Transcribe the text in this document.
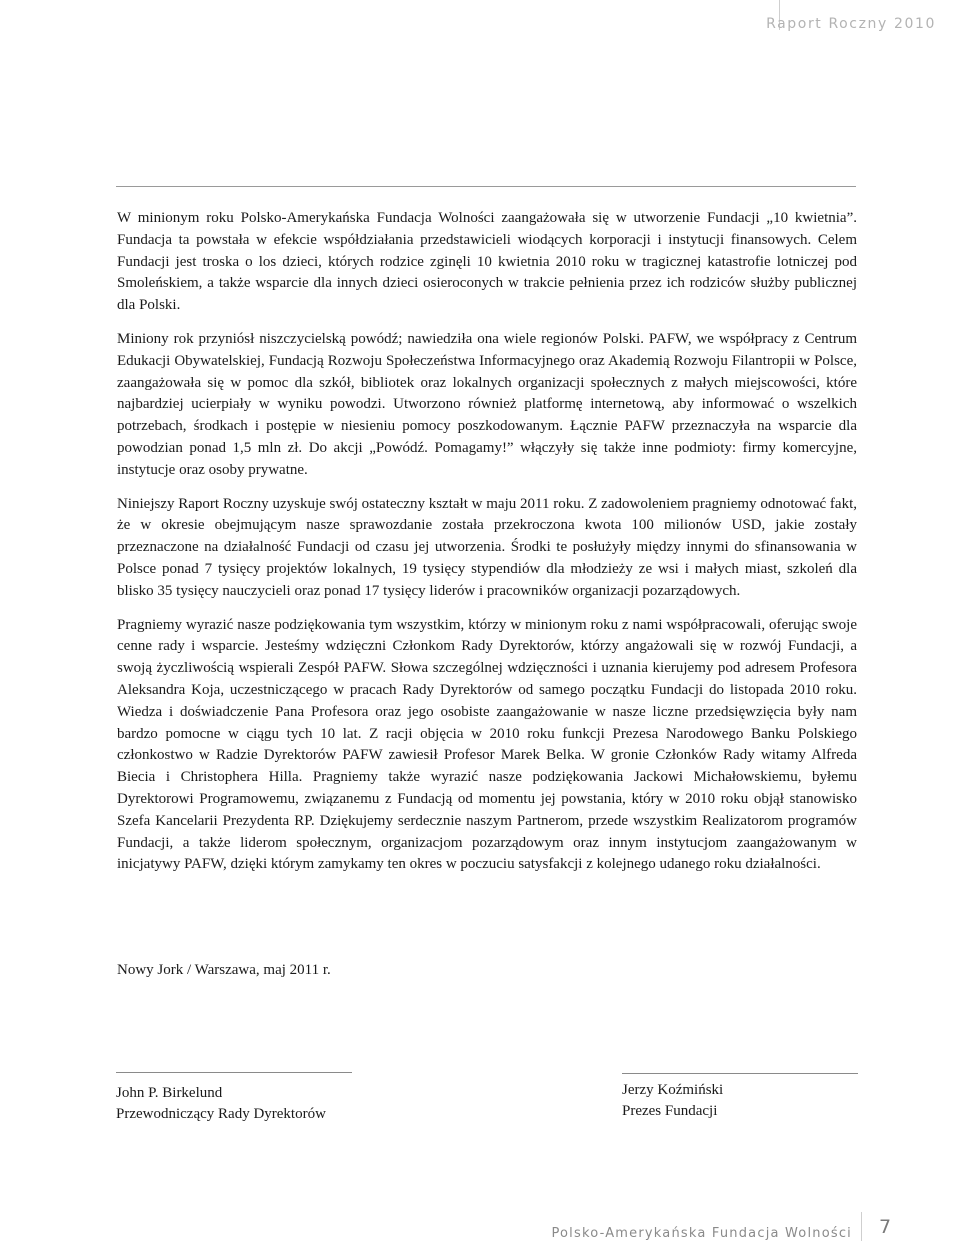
Raport Roczny 2010

W minionym roku Polsko-Amerykańska Fundacja Wolności zaangażowała się w utworzenie Fundacji „10 kwietnia”. Fundacja ta powstała w efekcie współdziałania przedstawicieli wiodących korporacji i instytucji finansowych. Celem Fundacji jest troska o los dzieci, których rodzice zginęli 10 kwietnia 2010 roku w tragicznej katastrofie lotniczej pod Smoleńskiem, a także wsparcie dla innych dzieci osieroconych w trakcie pełnienia przez ich rodziców służby publicznej dla Polski.

Miniony rok przyniósł niszczycielską powódź; nawiedziła ona wiele regionów Polski. PAFW, we współpracy z Centrum Edukacji Obywatelskiej, Fundacją Rozwoju Społeczeństwa Informacyjnego oraz Akademią Rozwoju Filantropii w Polsce, zaangażowała się w pomoc dla szkół, bibliotek oraz lokalnych organizacji społecznych z małych miejscowości, które najbardziej ucierpiały w wyniku powodzi. Utworzono również platformę internetową, aby informować o wszelkich potrzebach, środkach i postępie w niesieniu pomocy poszkodowanym. Łącznie PAFW przeznaczyła na wsparcie dla powodzian ponad 1,5 mln zł. Do akcji „Powódź. Pomagamy!” włączyły się także inne podmioty: firmy komercyjne, instytucje oraz osoby prywatne.

Niniejszy Raport Roczny uzyskuje swój ostateczny kształt w maju 2011 roku. Z zadowoleniem pragniemy odnotować fakt, że w okresie obejmującym nasze sprawozdanie została przekroczona kwota 100 milionów USD, jakie zostały przeznaczone na działalność Fundacji od czasu jej utworzenia. Środki te posłużyły między innymi do sfinansowania w Polsce ponad 7 tysięcy projektów lokalnych, 19 tysięcy stypendiów dla młodzieży ze wsi i małych miast, szkoleń dla blisko 35 tysięcy nauczycieli oraz ponad 17 tysięcy liderów i pracowników organizacji pozarządowych.

Pragniemy wyrazić nasze podziękowania tym wszystkim, którzy w minionym roku z nami współpracowali, oferując swoje cenne rady i wsparcie. Jesteśmy wdzięczni Członkom Rady Dyrektorów, którzy angażowali się w rozwój Fundacji, a swoją życzliwością wspierali Zespół PAFW. Słowa szczególnej wdzięczności i uznania kierujemy pod adresem Profesora Aleksandra Koja, uczestniczącego w pracach Rady Dyrektorów od samego początku Fundacji do listopada 2010 roku. Wiedza i doświadczenie Pana Profesora oraz jego osobiste zaangażowanie w nasze liczne przedsięwzięcia były nam bardzo pomocne w ciągu tych 10 lat. Z racji objęcia w 2010 roku funkcji Prezesa Narodowego Banku Polskiego członkostwo w Radzie Dyrektorów PAFW zawiesił Profesor Marek Belka. W gronie Członków Rady witamy Alfreda Biecia i Christophera Hilla. Pragniemy także wyrazić nasze podziękowania Jackowi Michałowskiemu, byłemu Dyrektorowi Programowemu, związanemu z Fundacją od momentu jej powstania, który w 2010 roku objął stanowisko Szefa Kancelarii Prezydenta RP. Dziękujemy serdecznie naszym Partnerom, przede wszystkim Realizatorom programów Fundacji, a także liderom społecznym, organizacjom pozarządowym oraz innym instytucjom zaangażowanym w inicjatywy PAFW, dzięki którym zamykamy ten okres w poczuciu satysfakcji z kolejnego udanego roku działalności.

Nowy Jork / Warszawa, maj 2011 r.
John P. Birkelund
Przewodniczący Rady Dyrektorów
Jerzy Koźmiński
Prezes Fundacji
Polsko-Amerykańska Fundacja Wolności 7
